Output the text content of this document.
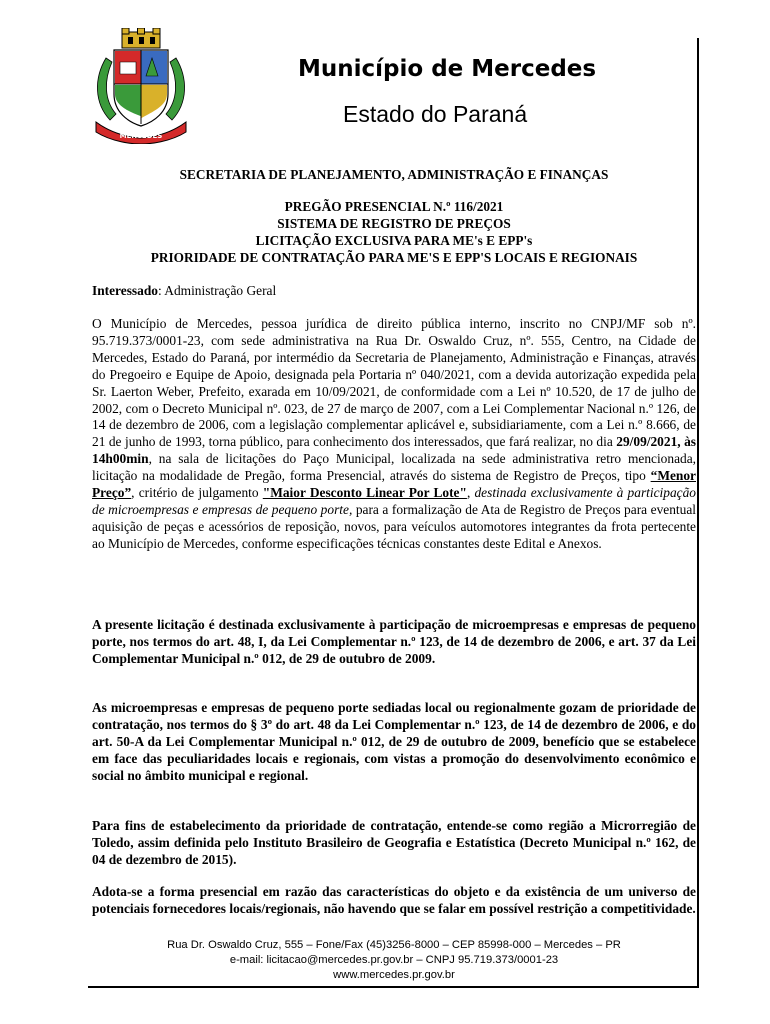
MERCEDES
Município de Mercedes
Estado do Paraná
SECRETARIA DE PLANEJAMENTO, ADMINISTRAÇÃO E FINANÇAS
PREGÃO PRESENCIAL N.º 116/2021
SISTEMA DE REGISTRO DE PREÇOS
LICITAÇÃO EXCLUSIVA PARA ME's E EPP's
PRIORIDADE DE CONTRATAÇÃO PARA ME'S E EPP'S LOCAIS E REGIONAIS

Interessado: Administração Geral

O Município de Mercedes, pessoa jurídica de direito pública interno, inscrito no CNPJ/MF sob nº. 95.719.373/0001-23, com sede administrativa na Rua Dr. Oswaldo Cruz, nº. 555, Centro, na Cidade de Mercedes, Estado do Paraná, por intermédio da Secretaria de Planejamento, Administração e Finanças, através do Pregoeiro e Equipe de Apoio, designada pela Portaria nº 040/2021, com a devida autorização expedida pela Sr. Laerton Weber, Prefeito, exarada em 10/09/2021, de conformidade com a Lei nº 10.520, de 17 de julho de 2002, com o Decreto Municipal nº. 023, de 27 de março de 2007, com a Lei Complementar Nacional n.º 126, de 14 de dezembro de 2006, com a legislação complementar aplicável e, subsidiariamente, com a Lei n.º 8.666, de 21 de junho de 1993, torna público, para conhecimento dos interessados, que fará realizar, no dia 29/09/2021, às 14h00min, na sala de licitações do Paço Municipal, localizada na sede administrativa retro mencionada, licitação na modalidade de Pregão, forma Presencial, através do sistema de Registro de Preços, tipo “Menor Preço”, critério de julgamento "Maior Desconto Linear Por Lote", destinada exclusivamente à participação de microempresas e empresas de pequeno porte, para a formalização de Ata de Registro de Preços para eventual aquisição de peças e acessórios de reposição, novos, para veículos automotores integrantes da frota pertecente ao Município de Mercedes, conforme especificações técnicas constantes deste Edital e Anexos.

A presente licitação é destinada exclusivamente à participação de microempresas e empresas de pequeno porte, nos termos do art. 48, I, da Lei Complementar n.º 123, de 14 de dezembro de 2006, e art. 37 da Lei Complementar Municipal n.º 012, de 29 de outubro de 2009.

As microempresas e empresas de pequeno porte sediadas local ou regionalmente gozam de prioridade de contratação, nos termos do § 3º do art. 48 da Lei Complementar n.º 123, de 14 de dezembro de 2006, e do art. 50-A da Lei Complementar Municipal n.º 012, de 29 de outubro de 2009, benefício que se estabelece em face das peculiaridades locais e regionais, com vistas a promoção do desenvolvimento econômico e social no âmbito municipal e regional.

Para fins de estabelecimento da prioridade de contratação, entende-se como região a Microrregião de Toledo, assim definida pelo Instituto Brasileiro de Geografia e Estatística (Decreto Municipal n.º 162, de 04 de dezembro de 2015).

Adota-se a forma presencial em razão das características do objeto e da existência de um universo de potenciais fornecedores locais/regionais, não havendo que se falar em possível restrição a competitividade.

Rua Dr. Oswaldo Cruz, 555 – Fone/Fax (45)3256-8000 – CEP 85998-000 – Mercedes – PR
e-mail: licitacao@mercedes.pr.gov.br – CNPJ 95.719.373/0001-23
www.mercedes.pr.gov.br
